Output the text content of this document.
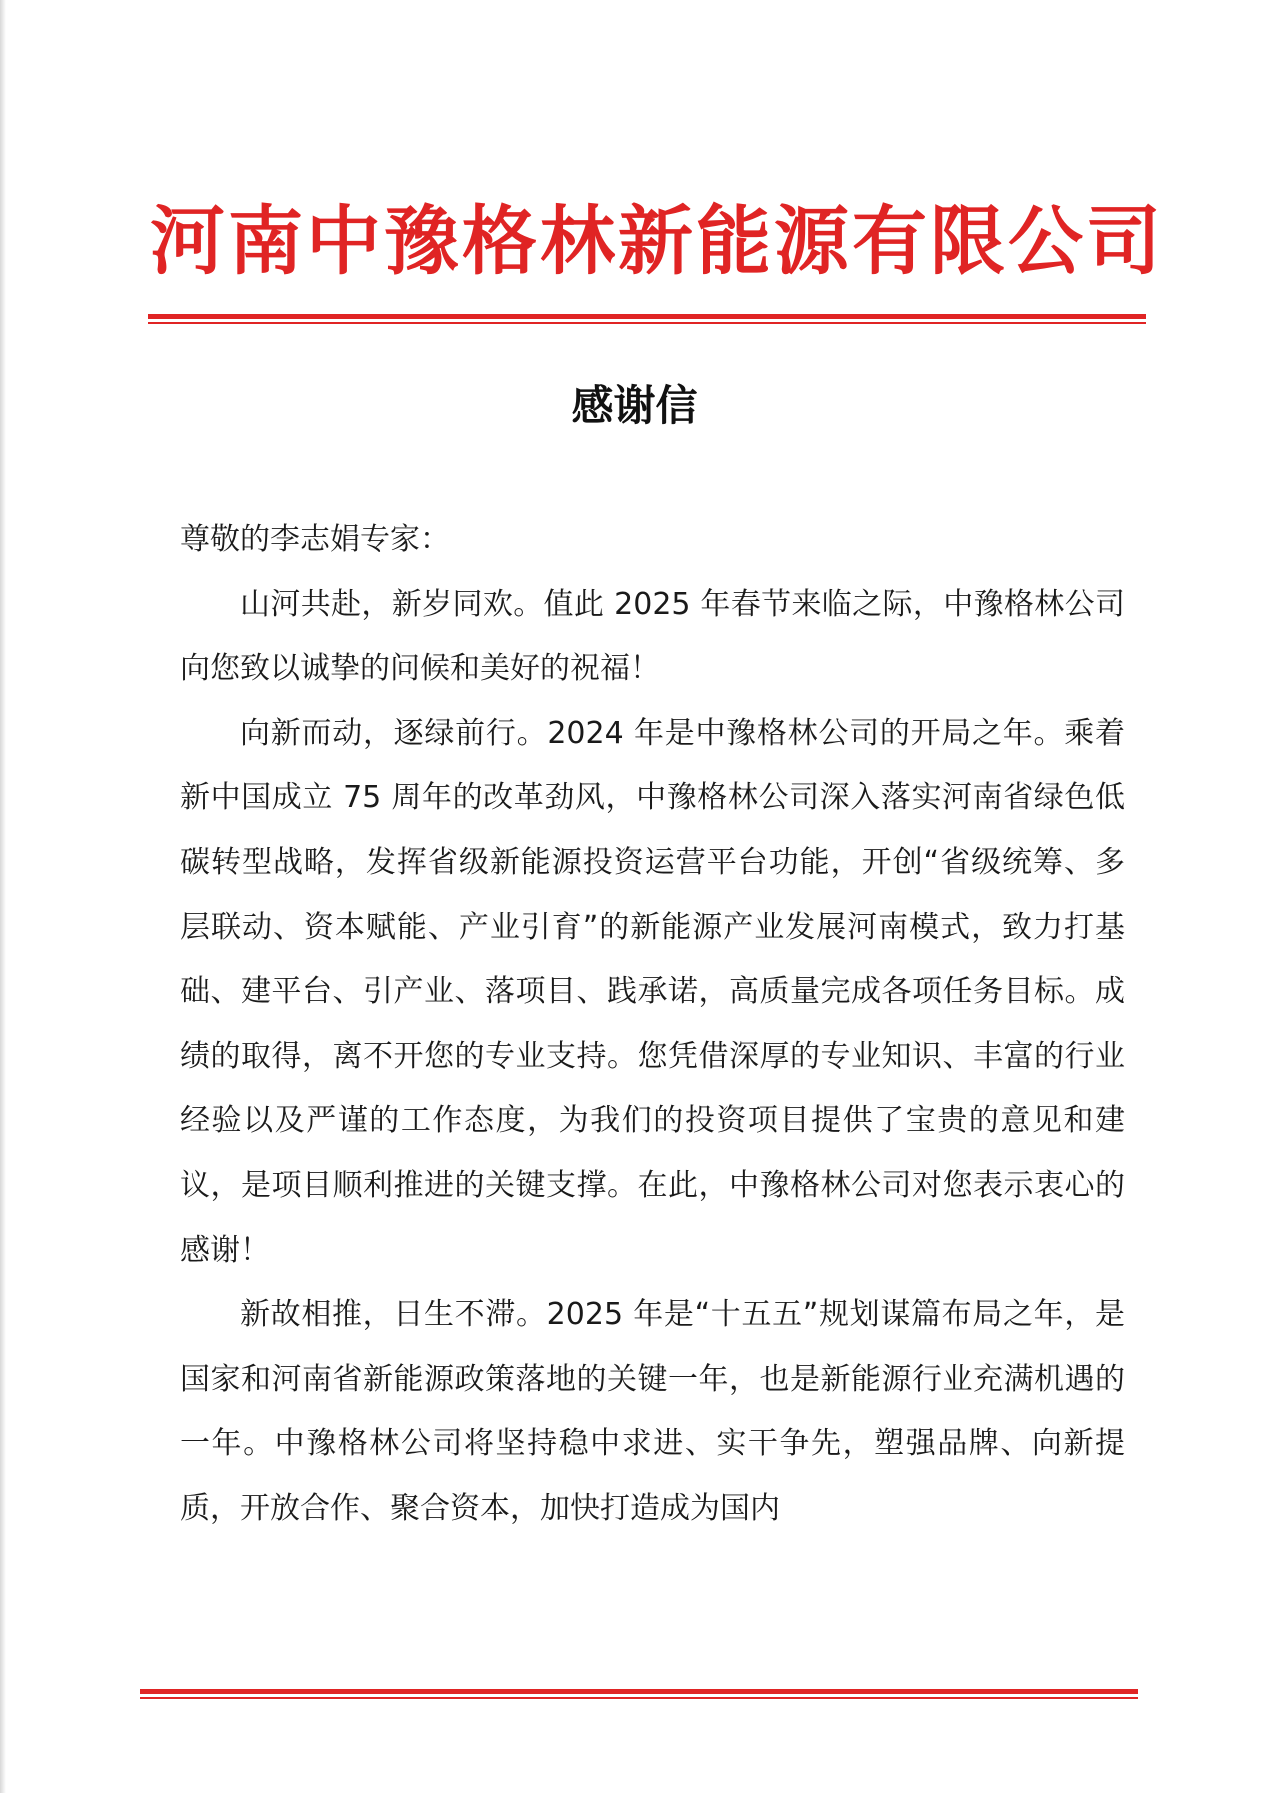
河南中豫格林新能源有限公司
感谢信

尊敬的李志娟专家：

山河共赴，新岁同欢。值此 2025 年春节来临之际，中豫格林公司向您致以诚挚的问候和美好的祝福！

向新而动，逐绿前行。2024 年是中豫格林公司的开局之年。乘着新中国成立 75 周年的改革劲风，中豫格林公司深入落实河南省绿色低碳转型战略，发挥省级新能源投资运营平台功能，开创“省级统筹、多层联动、资本赋能、产业引育”的新能源产业发展河南模式，致力打基础、建平台、引产业、落项目、践承诺，高质量完成各项任务目标。成绩的取得，离不开您的专业支持。您凭借深厚的专业知识、丰富的行业经验以及严谨的工作态度，为我们的投资项目提供了宝贵的意见和建议，是项目顺利推进的关键支撑。在此，中豫格林公司对您表示衷心的感谢！

新故相推，日生不滞。2025 年是“十五五”规划谋篇布局之年，是国家和河南省新能源政策落地的关键一年，也是新能源行业充满机遇的一年。中豫格林公司将坚持稳中求进、实干争先，塑强品牌、向新提质，开放合作、聚合资本，加快打造成为国内
